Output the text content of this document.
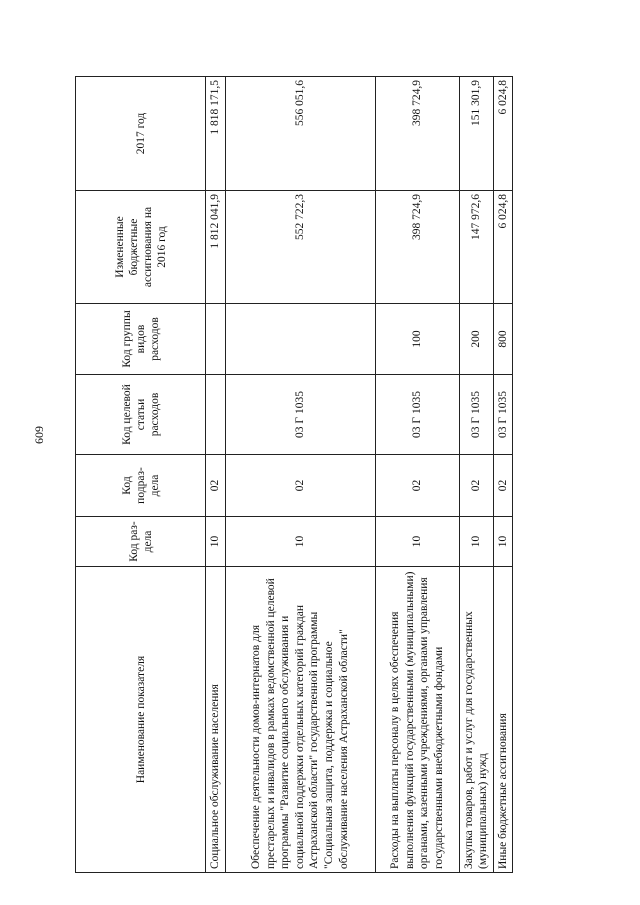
609
Наименование показателя	Код раз-дела	Код подраз-дела	Код целевой статьи расходов	Код группы видов расходов	Измененные бюджетные ассигнования на 2016 год	2017 год
Социальное обслуживание населения	10	02			1 812 041,9	1 818 171,5
Обеспечение деятельности домов-интернатов для престарелых и инвалидов в рамках ведомственной целевой программы "Развитие социального обслуживания и социальной поддержки отдельных категорий граждан Астраханской области" государственной программы "Социальная защита, поддержка и социальное обслуживание населения Астраханской области"	10	02	03 Г 1035		552 722,3	556 051,6
Расходы на выплаты персоналу в целях обеспечения выполнения функций государственными (муниципальными) органами, казенными учреждениями, органами управления государственными внебюджетными фондами	10	02	03 Г 1035	100	398 724,9	398 724,9
Закупка товаров, работ и услуг для государственных (муниципальных) нужд	10	02	03 Г 1035	200	147 972,6	151 301,9
Иные бюджетные ассигнования	10	02	03 Г 1035	800	6 024,8	6 024,8
